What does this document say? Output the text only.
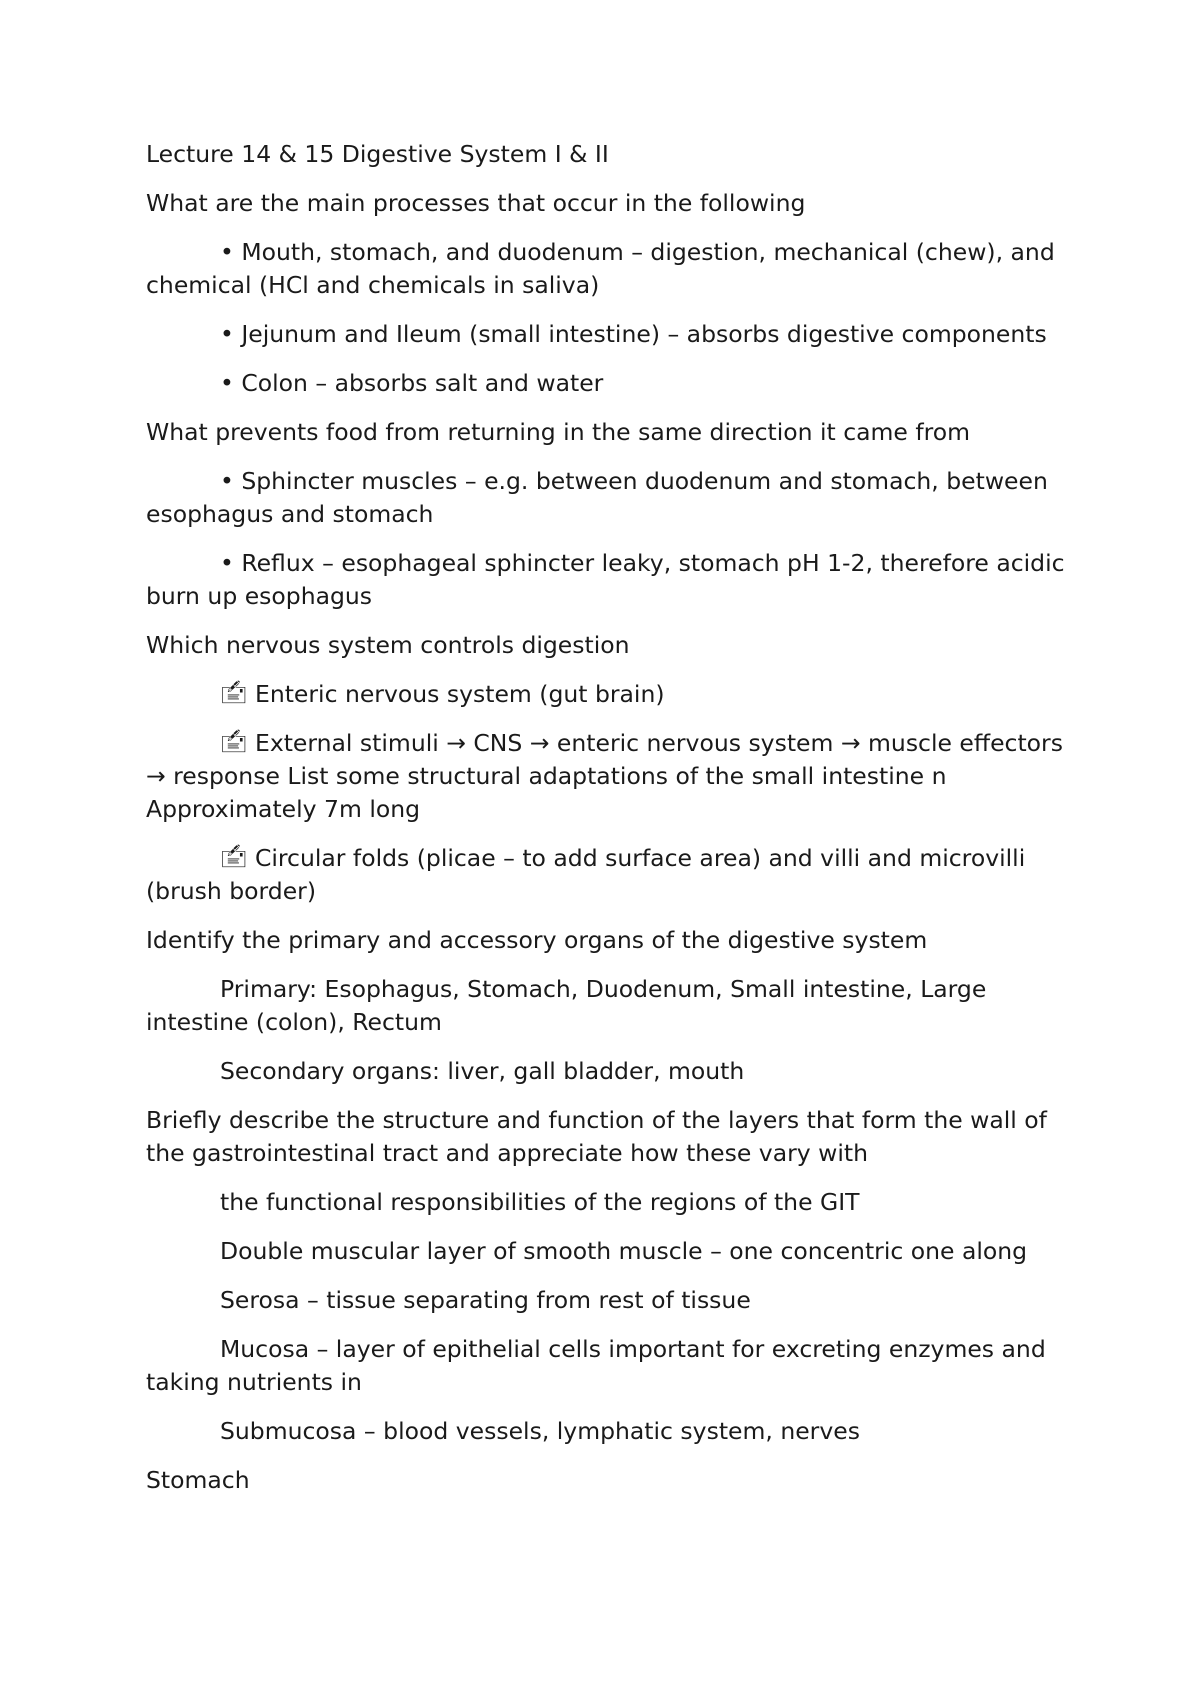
Lecture 14 & 15 Digestive System I & II

What are the main processes that occur in the following

• Mouth, stomach, and duodenum – digestion, mechanical (chew), and chemical (HCl and chemicals in saliva)

• Jejunum and Ileum (small intestine) – absorbs digestive components

• Colon – absorbs salt and water

What prevents food from returning in the same direction it came from

• Sphincter muscles – e.g. between duodenum and stomach, between esophagus and stomach

• Reflux – esophageal sphincter leaky, stomach pH 1-2, therefore acidic burn up esophagus

Which nervous system controls digestion

🖆 Enteric nervous system (gut brain)

🖆 External stimuli → CNS → enteric nervous system → muscle effectors → response List some structural adaptations of the small intestine n Approximately 7m long

🖆 Circular folds (plicae – to add surface area) and villi and microvilli (brush border)

Identify the primary and accessory organs of the digestive system

Primary: Esophagus, Stomach, Duodenum, Small intestine, Large intestine (colon), Rectum

Secondary organs: liver, gall bladder, mouth

Briefly describe the structure and function of the layers that form the wall of the gastrointestinal tract and appreciate how these vary with

the functional responsibilities of the regions of the GIT

Double muscular layer of smooth muscle – one concentric one along

Serosa – tissue separating from rest of tissue

Mucosa – layer of epithelial cells important for excreting enzymes and taking nutrients in

Submucosa – blood vessels, lymphatic system, nerves

Stomach
